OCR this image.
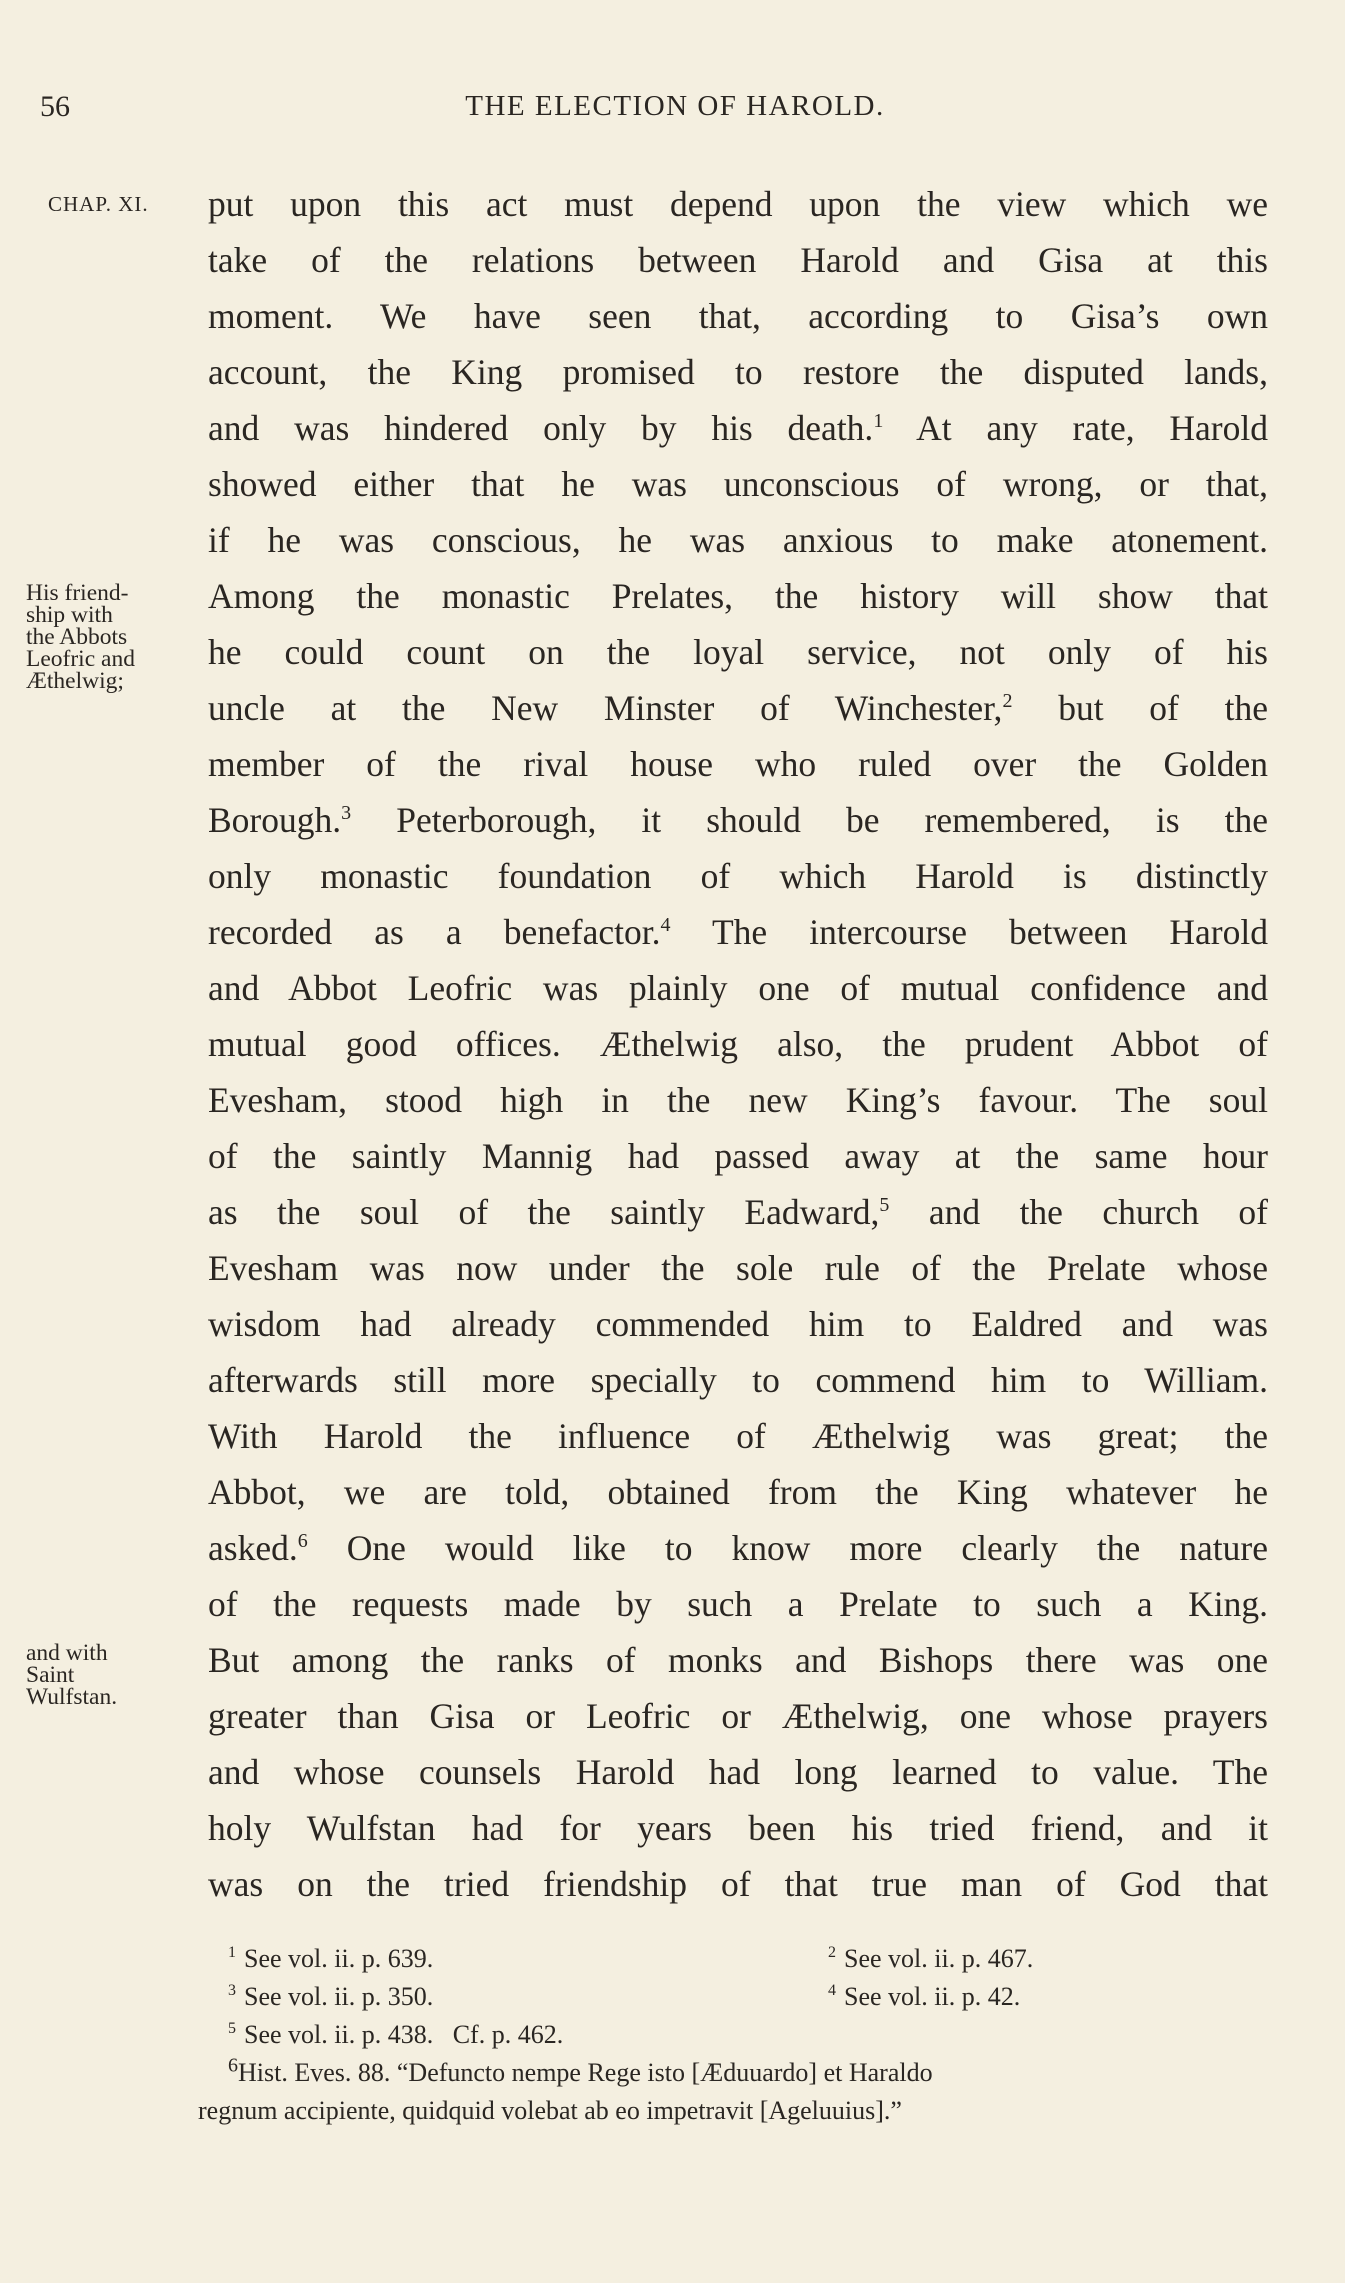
56	THE ELECTION OF HAROLD.
CHAP. XI.
His friend-
ship with
the Abbots
Leofric and
Æthelwig;
and with
Saint
Wulfstan.
put upon this act must depend upon the view which we
take of the relations between Harold and Gisa at this
moment. We have seen that, according to Gisa’s own
account, the King promised to restore the disputed lands,
and was hindered only by his death.$^1$ At any rate, Harold
showed either that he was unconscious of wrong, or that,
if he was conscious, he was anxious to make atonement.
Among the monastic Prelates, the history will show that
he could count on the loyal service, not only of his
uncle at the New Minster of Winchester,$^2$ but of the
member of the rival house who ruled over the Golden
Borough.$^3$ Peterborough, it should be remembered, is the
only monastic foundation of which Harold is distinctly
recorded as a benefactor.$^4$ The intercourse between Harold
and Abbot Leofric was plainly one of mutual confidence and
mutual good offices. Æthelwig also, the prudent Abbot of
Evesham, stood high in the new King’s favour. The soul
of the saintly Mannig had passed away at the same hour
as the soul of the saintly Eadward,$^5$ and the church of
Evesham was now under the sole rule of the Prelate whose
wisdom had already commended him to Ealdred and was
afterwards still more specially to commend him to William.
With Harold the influence of Æthelwig was great; the
Abbot, we are told, obtained from the King whatever he
asked.$^6$ One would like to know more clearly the nature
of the requests made by such a Prelate to such a King.
But among the ranks of monks and Bishops there was one
greater than Gisa or Leofric or Æthelwig, one whose prayers
and whose counsels Harold had long learned to value. The
holy Wulfstan had for years been his tried friend, and it
was on the tried friendship of that true man of God that
$^1$ See vol. ii. p. 639.	$^2$ See vol. ii. p. 467.
$^3$ See vol. ii. p. 350.	$^4$ See vol. ii. p. 42.
$^5$ See vol. ii. p. 438.   Cf. p. 462.
$^6$Hist. Eves. 88. “Defuncto nempe Rege isto [Æduuardo] et Haraldo
regnum accipiente, quidquid volebat ab eo impetravit [Ageluuius].”
